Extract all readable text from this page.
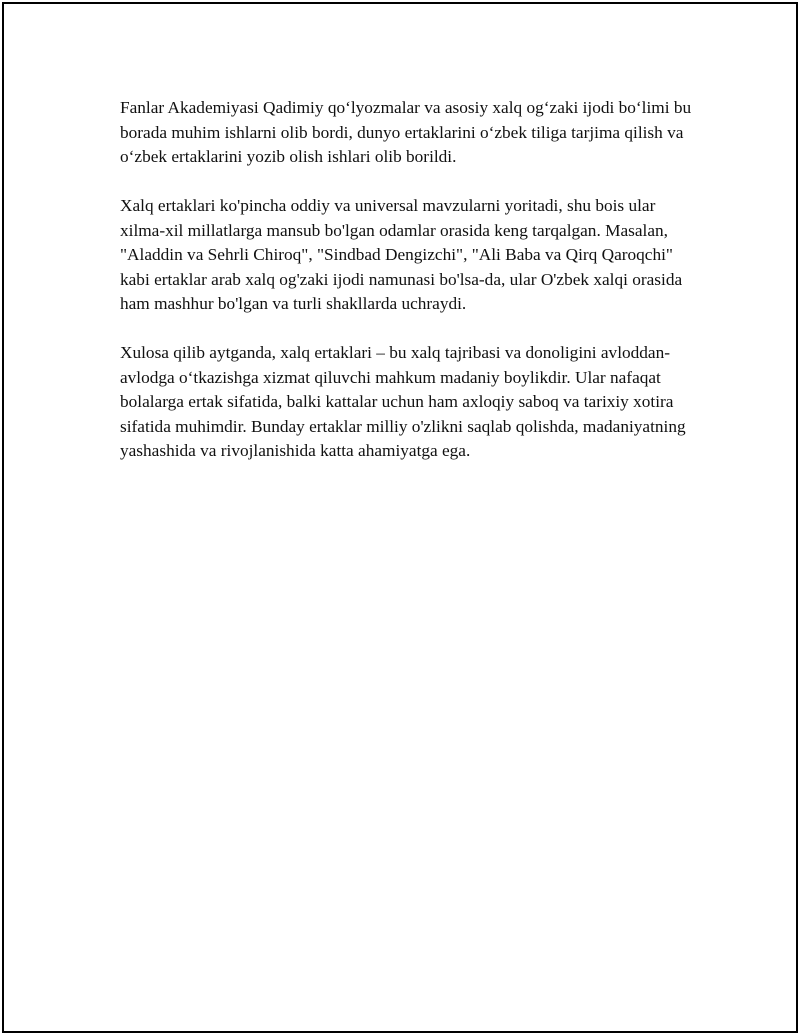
Fanlar Akademiyasi Qadimiy qoʻlyozmalar va asosiy xalq ogʻzaki ijodi boʻlimi bu borada muhim ishlarni olib bordi, dunyo ertaklarini oʻzbek tiliga tarjima qilish va oʻzbek ertaklarini yozib olish ishlari olib borildi.

Xalq ertaklari ko'pincha oddiy va universal mavzularni yoritadi, shu bois ular xilma-xil millatlarga mansub bo'lgan odamlar orasida keng tarqalgan. Masalan, "Aladdin va Sehrli Chiroq", "Sindbad Dengizchi", "Ali Baba va Qirq Qaroqchi" kabi ertaklar arab xalq og'zaki ijodi namunasi bo'lsa-da, ular O'zbek xalqi orasida ham mashhur bo'lgan va turli shakllarda uchraydi.

Xulosa qilib aytganda, xalq ertaklari – bu xalq tajribasi va donoligini avloddan-avlodga oʻtkazishga xizmat qiluvchi mahkum madaniy boylikdir. Ular nafaqat bolalarga ertak sifatida, balki kattalar uchun ham axloqiy saboq va tarixiy xotira sifatida muhimdir. Bunday ertaklar milliy o'zlikni saqlab qolishda, madaniyatning yashashida va rivojlanishida katta ahamiyatga ega.
